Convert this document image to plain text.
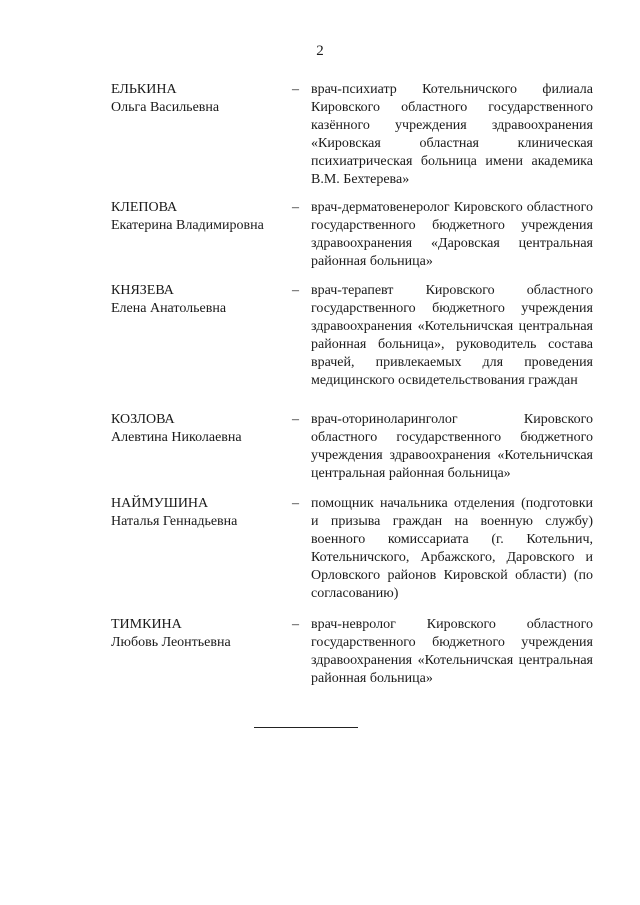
2
ЕЛЬКИНА
Ольга Васильевна
– врач-психиатр Котельничского филиала Кировского областного государственного казённого учреждения здравоохранения «Кировская областная клиническая психиатрическая больница имени академика В.М. Бехтерева»
КЛЕПОВА
Екатерина Владимировна
– врач-дерматовенеролог Кировского областного государственного бюджетного учреждения здравоохранения «Даровская центральная районная больница»
КНЯЗЕВА
Елена Анатольевна
– врач-терапевт Кировского областного государственного бюджетного учреждения здравоохранения «Котельничская центральная районная больница», руководитель состава врачей, привлекаемых для проведения медицинского освидетельствования граждан
КОЗЛОВА
Алевтина Николаевна
– врач-оториноларинголог Кировского областного государственного бюджетного учреждения здравоохранения «Котельничская центральная районная больница»
НАЙМУШИНА
Наталья Геннадьевна
– помощник начальника отделения (подготовки и призыва граждан на военную службу) военного комиссариата (г. Котельнич, Котельничского, Арбажского, Даровского и Орловского районов Кировской области) (по согласованию)
ТИМКИНА
Любовь Леонтьевна
– врач-невролог Кировского областного государственного бюджетного учреждения здравоохранения «Котельничская центральная районная больница»
